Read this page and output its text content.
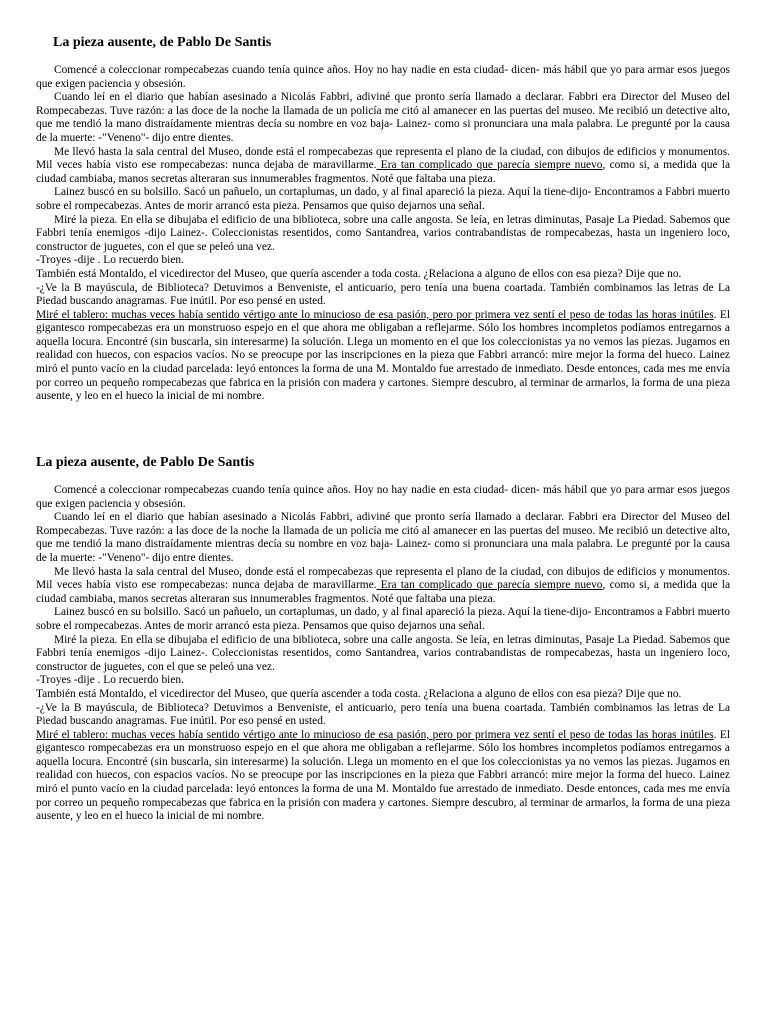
La pieza ausente, de Pablo De Santis

Comencé a coleccionar rompecabezas cuando tenía quince años. Hoy no hay nadie en esta ciudad- dicen- más hábil que yo para armar esos juegos que exigen paciencia y obsesión.

Cuando leí en el diario que habían asesinado a Nicolás Fabbri, adiviné que pronto sería llamado a declarar. Fabbri era Director del Museo del Rompecabezas. Tuve razón: a las doce de la noche la llamada de un policía me citó al amanecer en las puertas del museo. Me recibió un detective alto, que me tendió la mano distraídamente mientras decía su nombre en voz baja- Lainez- como si pronunciara una mala palabra. Le pregunté por la causa de la muerte: -"Veneno"- dijo entre dientes.

Me llevó hasta la sala central del Museo, donde está el rompecabezas que representa el plano de la ciudad, con dibujos de edificios y monumentos. Mil veces había visto ese rompecabezas: nunca dejaba de maravillarme. Era tan complicado que parecía siempre nuevo, como si, a medida que la ciudad cambiaba, manos secretas alteraran sus innumerables fragmentos. Noté que faltaba una pieza.

Lainez buscó en su bolsillo. Sacó un pañuelo, un cortaplumas, un dado, y al final apareció la pieza. Aquí la tiene-dijo- Encontramos a Fabbri muerto sobre el rompecabezas. Antes de morir arrancó esta pieza. Pensamos que quiso dejarnos una señal.

Miré la pieza. En ella se dibujaba el edificio de una biblioteca, sobre una calle angosta. Se leía, en letras diminutas, Pasaje La Piedad. Sabemos que Fabbri tenía enemigos -dijo Lainez-. Coleccionistas resentidos, como Santandrea, varios contrabandistas de rompecabezas, hasta un ingeniero loco, constructor de juguetes, con el que se peleó una vez.

-Troyes -dije . Lo recuerdo bien.

También está Montaldo, el vicedirector del Museo, que quería ascender a toda costa. ¿Relaciona a alguno de ellos con esa pieza? Dije que no.

-¿Ve la B mayúscula, de Biblioteca? Detuvimos a Benveniste, el anticuario, pero tenía una buena coartada. También combinamos las letras de La Piedad buscando anagramas. Fue inútil. Por eso pensé en usted.

Miré el tablero: muchas veces había sentido vértigo ante lo minucioso de esa pasión, pero por primera vez sentí el peso de todas las horas inútiles. El gigantesco rompecabezas era un monstruoso espejo en el que ahora me obligaban a reflejarme. Sólo los hombres incompletos podíamos entregarnos a aquella locura. Encontré (sin buscarla, sin interesarme) la solución. Llega un momento en el que los coleccionistas ya no vemos las piezas. Jugamos en realidad con huecos, con espacios vacíos. No se preocupe por las inscripciones en la pieza que Fabbri arrancó: mire mejor la forma del hueco. Lainez miró el punto vacío en la ciudad parcelada: leyó entonces la forma de una M. Montaldo fue arrestado de inmediato. Desde entonces, cada mes me envía por correo un pequeño rompecabezas que fabrica en la prisión con madera y cartones. Siempre descubro, al terminar de armarlos, la forma de una pieza ausente, y leo en el hueco la inicial de mi nombre.

La pieza ausente, de Pablo De Santis

Comencé a coleccionar rompecabezas cuando tenía quince años. Hoy no hay nadie en esta ciudad- dicen- más hábil que yo para armar esos juegos que exigen paciencia y obsesión.

Cuando leí en el diario que habían asesinado a Nicolás Fabbri, adiviné que pronto sería llamado a declarar. Fabbri era Director del Museo del Rompecabezas. Tuve razón: a las doce de la noche la llamada de un policía me citó al amanecer en las puertas del museo. Me recibió un detective alto, que me tendió la mano distraídamente mientras decía su nombre en voz baja- Lainez- como si pronunciara una mala palabra. Le pregunté por la causa de la muerte: -"Veneno"- dijo entre dientes.

Me llevó hasta la sala central del Museo, donde está el rompecabezas que representa el plano de la ciudad, con dibujos de edificios y monumentos. Mil veces había visto ese rompecabezas: nunca dejaba de maravillarme. Era tan complicado que parecía siempre nuevo, como si, a medida que la ciudad cambiaba, manos secretas alteraran sus innumerables fragmentos. Noté que faltaba una pieza.

Lainez buscó en su bolsillo. Sacó un pañuelo, un cortaplumas, un dado, y al final apareció la pieza. Aquí la tiene-dijo- Encontramos a Fabbri muerto sobre el rompecabezas. Antes de morir arrancó esta pieza. Pensamos que quiso dejarnos una señal.

Miré la pieza. En ella se dibujaba el edificio de una biblioteca, sobre una calle angosta. Se leía, en letras diminutas, Pasaje La Piedad. Sabemos que Fabbri tenía enemigos -dijo Lainez-. Coleccionistas resentidos, como Santandrea, varios contrabandistas de rompecabezas, hasta un ingeniero loco, constructor de juguetes, con el que se peleó una vez.

-Troyes -dije . Lo recuerdo bien.

También está Montaldo, el vicedirector del Museo, que quería ascender a toda costa. ¿Relaciona a alguno de ellos con esa pieza? Dije que no.

-¿Ve la B mayúscula, de Biblioteca? Detuvimos a Benveniste, el anticuario, pero tenía una buena coartada. También combinamos las letras de La Piedad buscando anagramas. Fue inútil. Por eso pensé en usted.

Miré el tablero: muchas veces había sentido vértigo ante lo minucioso de esa pasión, pero por primera vez sentí el peso de todas las horas inútiles. El gigantesco rompecabezas era un monstruoso espejo en el que ahora me obligaban a reflejarme. Sólo los hombres incompletos podíamos entregarnos a aquella locura. Encontré (sin buscarla, sin interesarme) la solución. Llega un momento en el que los coleccionistas ya no vemos las piezas. Jugamos en realidad con huecos, con espacios vacíos. No se preocupe por las inscripciones en la pieza que Fabbri arrancó: mire mejor la forma del hueco. Lainez miró el punto vacío en la ciudad parcelada: leyó entonces la forma de una M. Montaldo fue arrestado de inmediato. Desde entonces, cada mes me envía por correo un pequeño rompecabezas que fabrica en la prisión con madera y cartones. Siempre descubro, al terminar de armarlos, la forma de una pieza ausente, y leo en el hueco la inicial de mi nombre.
